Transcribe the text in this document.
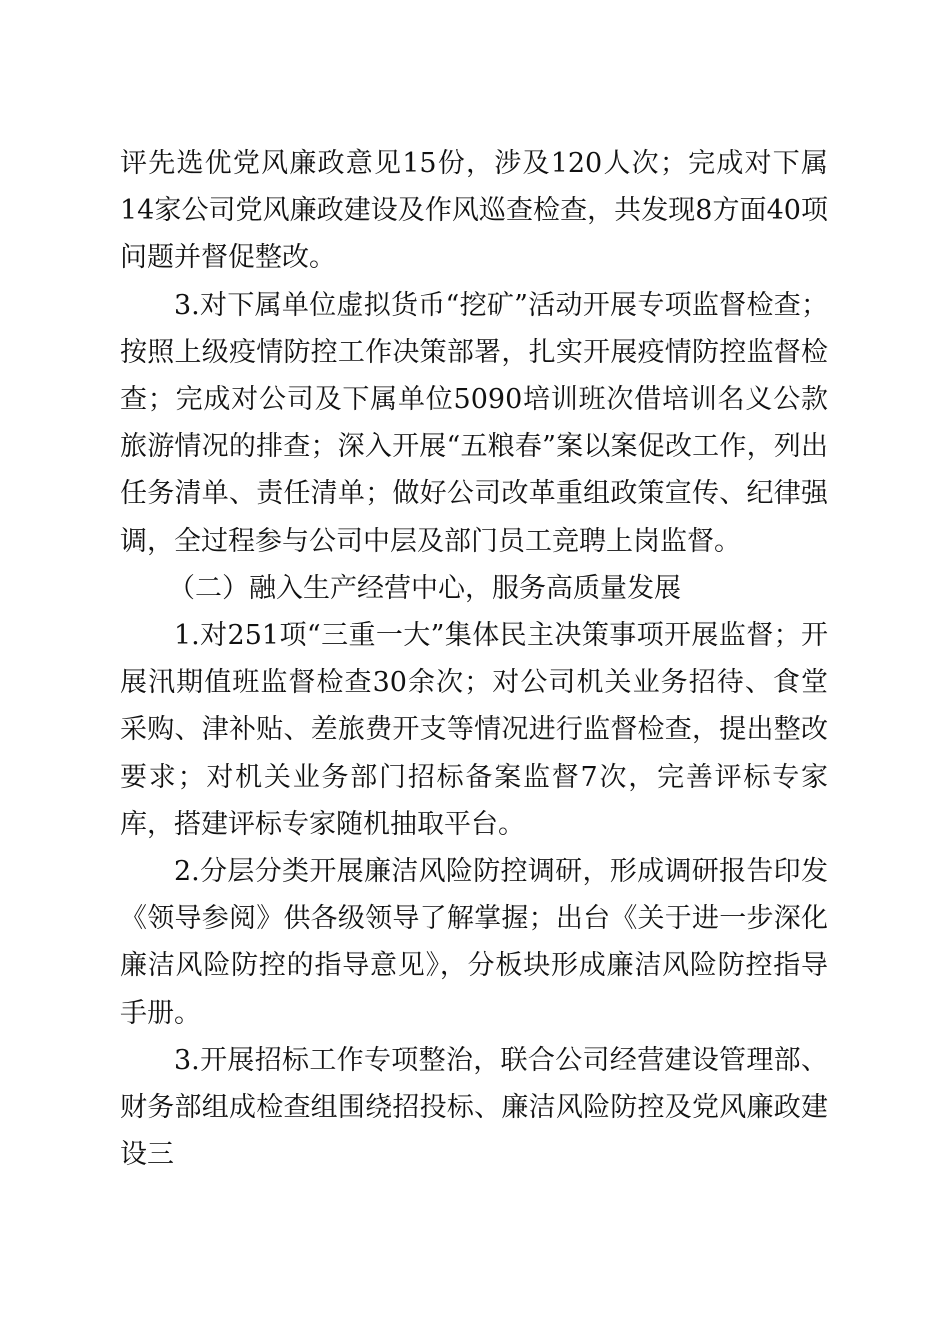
评先选优党风廉政意见15份，涉及120人次；完成对下属14家公司党风廉政建设及作风巡查检查，共发现8方面40项问题并督促整改。

3.对下属单位虚拟货币“挖矿”活动开展专项监督检查；按照上级疫情防控工作决策部署，扎实开展疫情防控监督检查；完成对公司及下属单位5090培训班次借培训名义公款旅游情况的排查；深入开展“五粮春”案以案促改工作，列出任务清单、责任清单；做好公司改革重组政策宣传、纪律强调，全过程参与公司中层及部门员工竞聘上岗监督。

（二）融入生产经营中心，服务高质量发展

1.对251项“三重一大”集体民主决策事项开展监督；开展汛期值班监督检查30余次；对公司机关业务招待、食堂采购、津补贴、差旅费开支等情况进行监督检查，提出整改要求；对机关业务部门招标备案监督7次，完善评标专家库，搭建评标专家随机抽取平台。

2.分层分类开展廉洁风险防控调研，形成调研报告印发《领导参阅》供各级领导了解掌握；出台《关于进一步深化廉洁风险防控的指导意见》，分板块形成廉洁风险防控指导手册。

3.开展招标工作专项整治，联合公司经营建设管理部、财务部组成检查组围绕招投标、廉洁风险防控及党风廉政建设三
